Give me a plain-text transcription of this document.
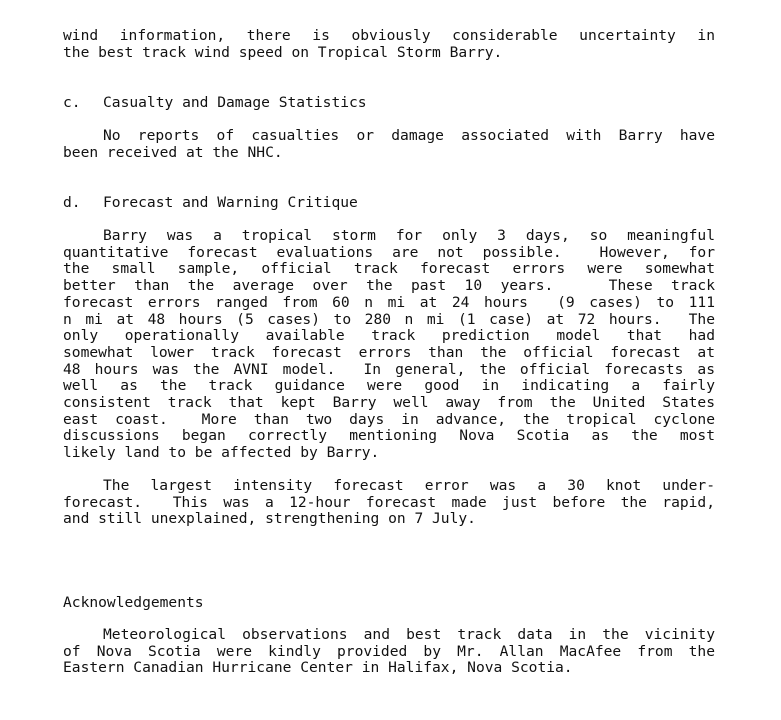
wind information, there is obviously considerable uncertainty in
the best track wind speed on Tropical Storm Barry.
c. Casualty and Damage Statistics
No reports of casualties or damage associated with Barry have
been received at the NHC.
d. Forecast and Warning Critique
Barry was a tropical storm for only 3 days, so meaningful
quantitative forecast evaluations are not possible.  However, for
the small sample, official track forecast errors were somewhat
better than the average over the past 10 years.   These track
forecast errors ranged from 60 n mi at 24 hours  (9 cases) to 111
n mi at 48 hours (5 cases) to 280 n mi (1 case) at 72 hours.  The
only operationally available track prediction model that had
somewhat lower track forecast errors than the official forecast at
48 hours was the AVNI model.  In general, the official forecasts as
well as the track guidance were good in indicating a fairly
consistent track that kept Barry well away from the United States
east coast.  More than two days in advance, the tropical cyclone
discussions began correctly mentioning Nova Scotia as the most
likely land to be affected by Barry.
The largest intensity forecast error was a 30 knot under-
forecast.  This was a 12-hour forecast made just before the rapid,
and still unexplained, strengthening on 7 July.
Acknowledgements
Meteorological observations and best track data in the vicinity
of Nova Scotia were kindly provided by Mr. Allan MacAfee from the
Eastern Canadian Hurricane Center in Halifax, Nova Scotia.
